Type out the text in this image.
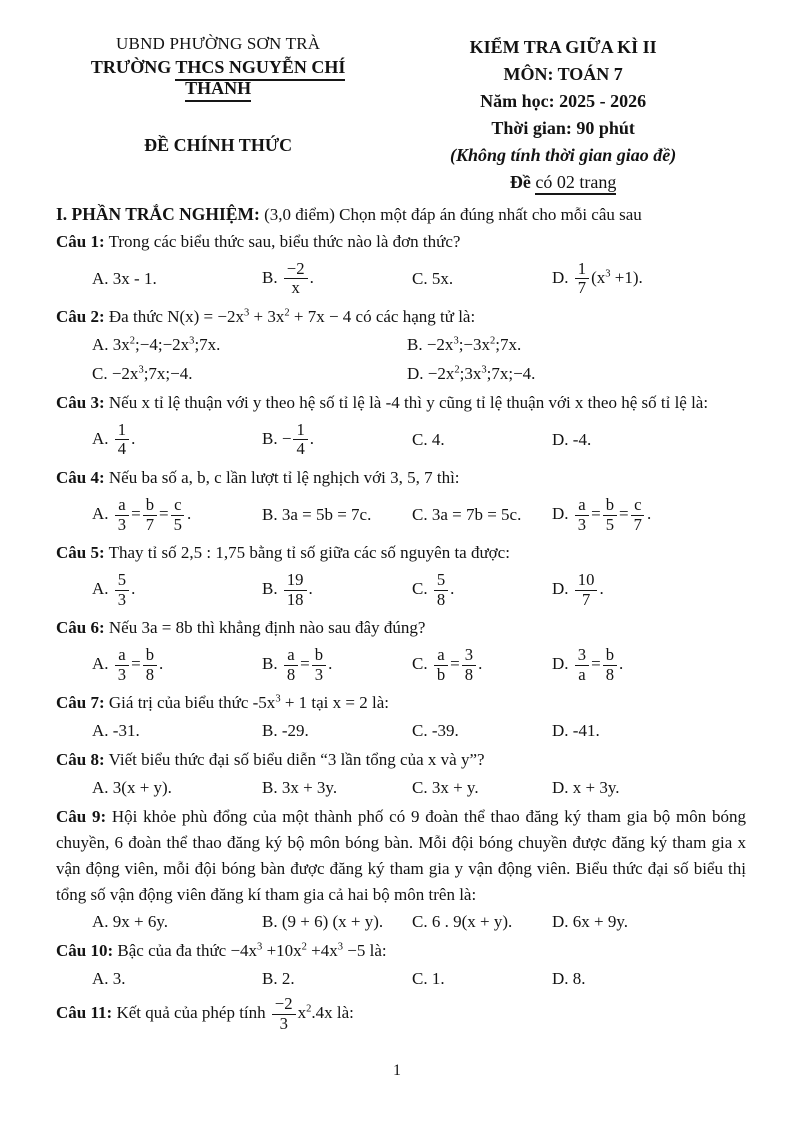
UBND PHƯỜNG SƠN TRÀ
TRƯỜNG THCS NGUYỄN CHÍ THANH
ĐỀ CHÍNH THỨC
KIỂM TRA GIỮA KÌ II
MÔN: TOÁN 7
Năm học: 2025 - 2026
Thời gian: 90 phút
(Không tính thời gian giao đề)
Đề có 02 trang
I. PHẦN TRẮC NGHIỆM: (3,0 điểm) Chọn một đáp án đúng nhất cho mỗi câu sau

Câu 1: Trong các biểu thức sau, biểu thức nào là đơn thức?

A. 3x - 1.	B. $\frac{-2}{x}$ .	C. 5x.	D. $\frac{1}{7} (x^3 +1)$.

Câu 2: Đa thức $N(x) = -2x^3 + 3x^2 + 7x - 4$ có các hạng tử là:

A. $3x^2;-4;-2x^3;7x$.	B. $-2x^3;-3x^2;7x$.
C. $-2x^3;7x;-4$.	D. $-2x^2;3x^3;7x;-4$.

Câu 3: Nếu x tỉ lệ thuận với y theo hệ số tỉ lệ là -4 thì y cũng tỉ lệ thuận với x theo hệ số tỉ lệ là:

A. $\frac{1}{4}$ .	B. − $\frac{1}{4}$ .	C. 4.	D. -4.

Câu 4: Nếu ba số a, b, c lần lượt tỉ lệ nghịch với 3, 5, 7 thì:

A. $\frac{a}{3} = \frac{b}{7} = \frac{c}{5}$ .	B. 3a = 5b = 7c.	C. 3a = 7b = 5c.	D. $\frac{a}{3} = \frac{b}{5} = \frac{c}{7}$ .

Câu 5: Thay tỉ số 2,5 : 1,75 bằng tỉ số giữa các số nguyên ta được:

A. $\frac{5}{3}$ .	B. $\frac{19}{18}$ .	C. $\frac{5}{8}$ .	D. $\frac{10}{7}$ .

Câu 6: Nếu 3a = 8b thì khẳng định nào sau đây đúng?

A. $\frac{a}{3} = \frac{b}{8}$ .	B. $\frac{a}{8} = \frac{b}{3}$ .	C. $\frac{a}{b} = \frac{3}{8}$ .	D. $\frac{3}{a} = \frac{b}{8}$ .

Câu 7: Giá trị của biểu thức $-5x^3 + 1$ tại x = 2 là:

A. -31.	B. -29.	C. -39.	D. -41.

Câu 8: Viết biểu thức đại số biểu diễn “3 lần tổng của x và y”?

A. 3(x + y).	B. 3x + 3y.	C. 3x + y.	D. x + 3y.

Câu 9: Hội khỏe phù đổng của một thành phố có 9 đoàn thể thao đăng ký tham gia bộ môn bóng chuyền, 6 đoàn thể thao đăng ký bộ môn bóng bàn. Mỗi đội bóng chuyền được đăng ký tham gia x vận động viên, mỗi đội bóng bàn được đăng ký tham gia y vận động viên. Biểu thức đại số biểu thị tổng số vận động viên đăng kí tham gia cả hai bộ môn trên là:

A. 9x + 6y.	B. (9 + 6) (x + y).	C. 6 . 9(x + y).	D. 6x + 9y.

Câu 10: Bậc của đa thức $-4x^3 +10x^2 +4x^3 -5$ là:

A. 3.	B. 2.	C. 1.	D. 8.

Câu 11: Kết quả của phép tính $\frac{-2}{3} x^2.4x$ là:

1
